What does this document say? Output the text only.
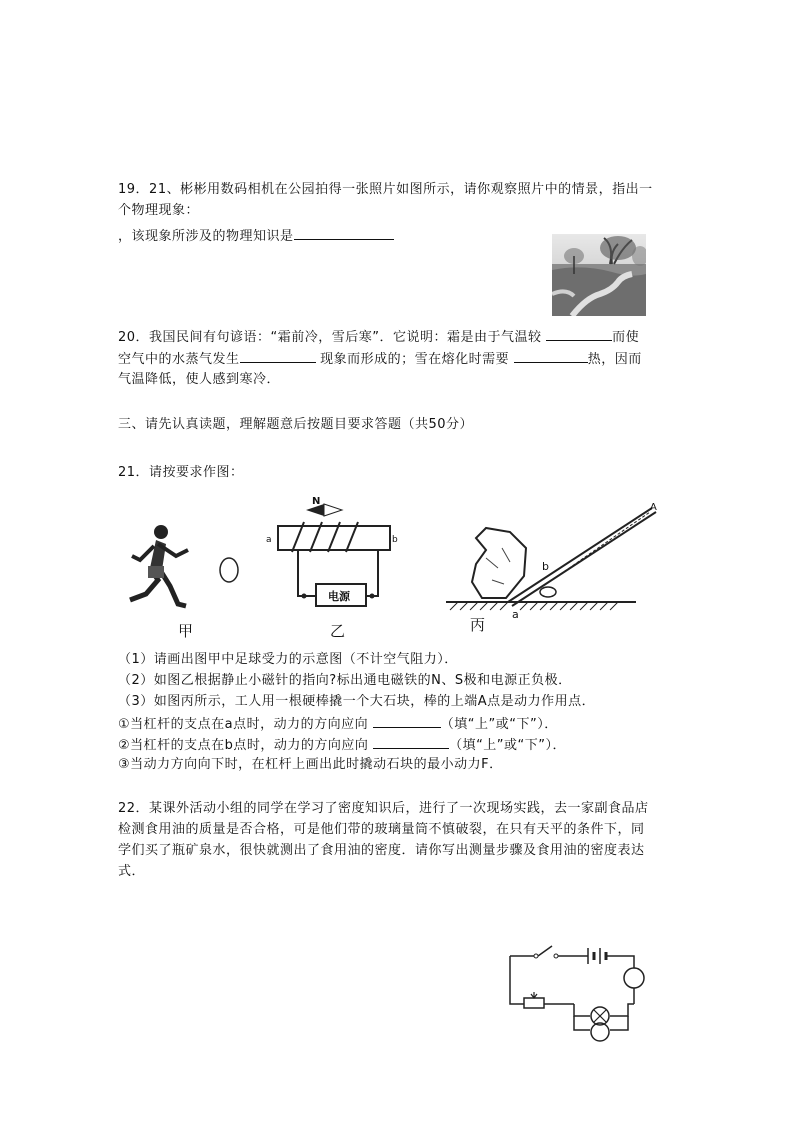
19．21、彬彬用数码相机在公园拍得一张照片如图所示，请你观察照片中的情景，指出一
个物理现象：
，该现象所涉及的物理知识是
20．我国民间有句谚语：“霜前冷，雪后寒”．它说明：霜是由于气温较	而使
空气中的水蒸气发生	现象而形成的；雪在熔化时需要	热，因而
气温降低，使人感到寒冷．
三、请先认真读题，理解题意后按题目要求答题（共50分）
21．请按要求作图：
N
a	b
电源
A
b
a
甲	乙	丙
（1）请画出图甲中足球受力的示意图（不计空气阻力）．
（2）如图乙根据静止小磁针的指向?标出通电磁铁的N、S极和电源正负极．
（3）如图丙所示，工人用一根硬棒撬一个大石块，棒的上端A点是动力作用点．
①当杠杆的支点在a点时，动力的方向应向	（填“上”或“下”）．
②当杠杆的支点在b点时，动力的方向应向	（填“上”或“下”）．
③当动力方向向下时，在杠杆上画出此时撬动石块的最小动力F．
22．某课外活动小组的同学在学习了密度知识后，进行了一次现场实践，去一家副食品店
检测食用油的质量是否合格，可是他们带的玻璃量筒不慎破裂，在只有天平的条件下，同
学们买了瓶矿泉水，很快就测出了食用油的密度．请你写出测量步骤及食用油的密度表达
式．
